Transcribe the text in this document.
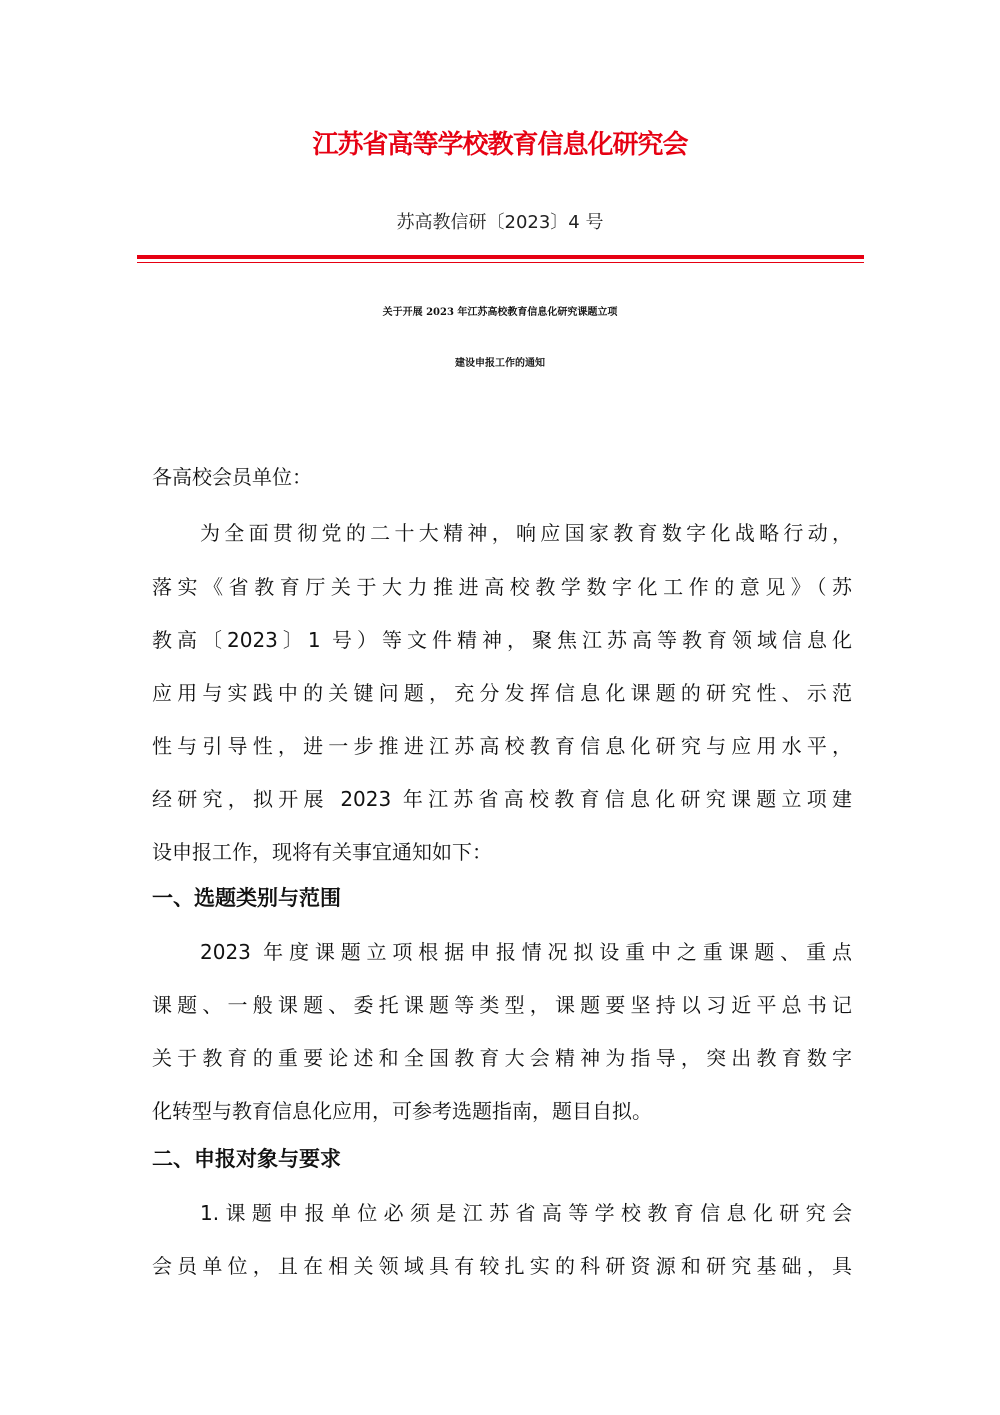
江苏省高等学校教育信息化研究会
苏高教信研〔2023〕4 号
关于开展 2023 年江苏高校教育信息化研究课题立项
建设申报工作的通知
各高校会员单位：
为全面贯彻党的二十大精神，响应国家教育数字化战略行动，
落实《省教育厅关于大力推进高校教学数字化工作的意见》（苏
教高〔2023〕1 号）等文件精神，聚焦江苏高等教育领域信息化
应用与实践中的关键问题，充分发挥信息化课题的研究性、示范
性与引导性，进一步推进江苏高校教育信息化研究与应用水平，
经研究，拟开展 2023 年江苏省高校教育信息化研究课题立项建
设申报工作，现将有关事宜通知如下：
一、选题类别与范围
2023 年度课题立项根据申报情况拟设重中之重课题、重点
课题、一般课题、委托课题等类型，课题要坚持以习近平总书记
关于教育的重要论述和全国教育大会精神为指导，突出教育数字
化转型与教育信息化应用，可参考选题指南，题目自拟。
二、申报对象与要求
1.课题申报单位必须是江苏省高等学校教育信息化研究会
会员单位，且在相关领域具有较扎实的科研资源和研究基础，具
